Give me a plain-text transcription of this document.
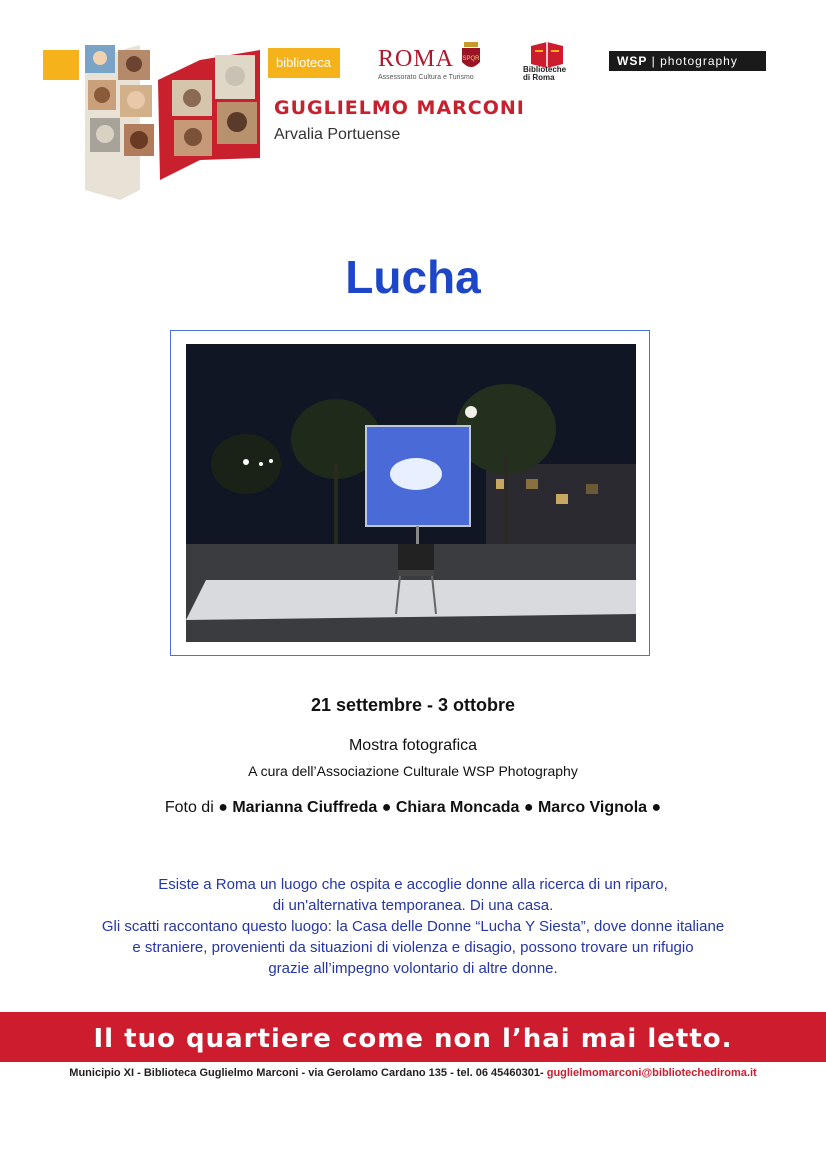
biblioteca
GUGLIELMO MARCONI
Arvalia Portuense
ROMA
Assessorato Cultura e Turismo
SPQR
Biblioteche di Roma
WSP | photography
Lucha
21 settembre - 3 ottobre
Mostra fotografica
A cura dell’Associazione Culturale WSP Photography
Foto di ● Marianna Ciuffreda ● Chiara Moncada ● Marco Vignola ●
Esiste a Roma un luogo che ospita e accoglie donne alla ricerca di un riparo,
di un'alternativa temporanea. Di una casa.
Gli scatti raccontano questo luogo: la Casa delle Donne “Lucha Y Siesta”, dove donne italiane
e straniere, provenienti da situazioni di violenza e disagio, possono trovare un rifugio
grazie all’impegno volontario di altre donne.
Il tuo quartiere come non l’hai mai letto.
Municipio XI - Biblioteca Guglielmo Marconi - via Gerolamo Cardano 135 - tel. 06 45460301- guglielmomarconi@bibliotechediroma.it
